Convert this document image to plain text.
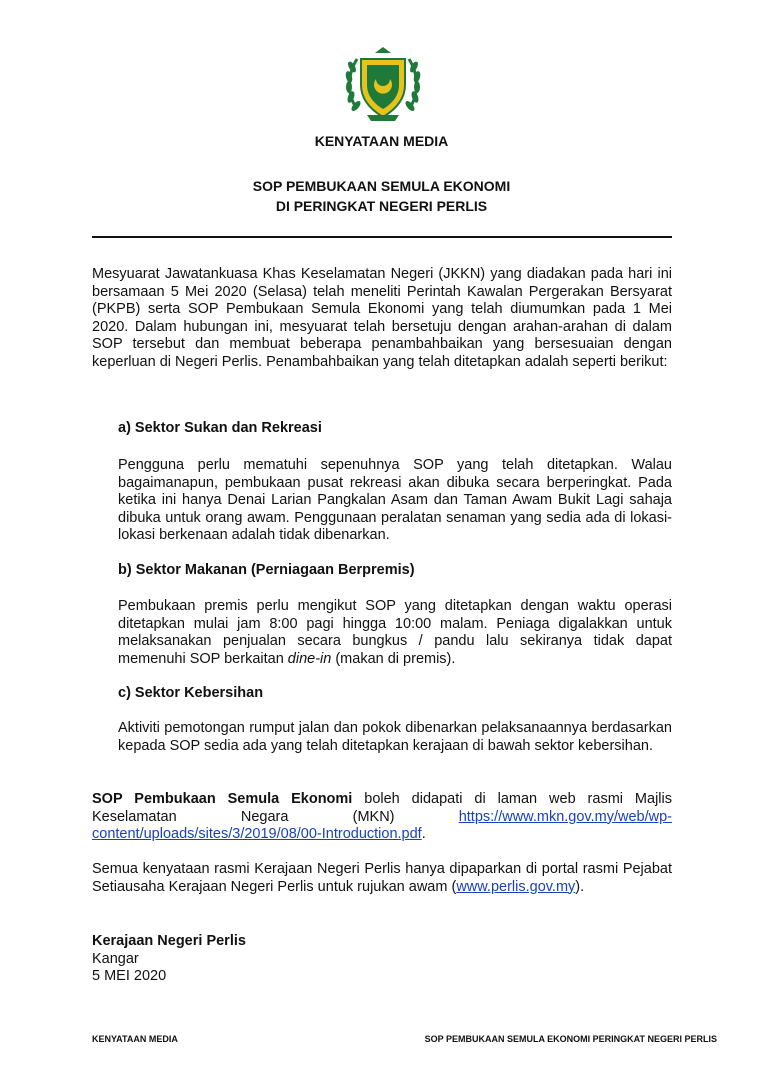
KENYATAAN MEDIA
SOP PEMBUKAAN SEMULA EKONOMI
DI PERINGKAT NEGERI PERLIS

Mesyuarat Jawatankuasa Khas Keselamatan Negeri (JKKN) yang diadakan pada hari ini bersamaan 5 Mei 2020 (Selasa) telah meneliti Perintah Kawalan Pergerakan Bersyarat (PKPB) serta SOP Pembukaan Semula Ekonomi yang telah diumumkan pada 1 Mei 2020. Dalam hubungan ini, mesyuarat telah bersetuju dengan arahan-arahan di dalam SOP tersebut dan membuat beberapa penambahbaikan yang bersesuaian dengan keperluan di Negeri Perlis. Penambahbaikan yang telah ditetapkan adalah seperti berikut:

a) Sektor Sukan dan Rekreasi

Pengguna perlu mematuhi sepenuhnya SOP yang telah ditetapkan. Walau bagaimanapun, pembukaan pusat rekreasi akan dibuka secara berperingkat. Pada ketika ini hanya Denai Larian Pangkalan Asam dan Taman Awam Bukit Lagi sahaja dibuka untuk orang awam. Penggunaan peralatan senaman yang sedia ada di lokasi-lokasi berkenaan adalah tidak dibenarkan.

b) Sektor Makanan (Perniagaan Berpremis)

Pembukaan premis perlu mengikut SOP yang ditetapkan dengan waktu operasi ditetapkan mulai jam 8:00 pagi hingga 10:00 malam. Peniaga digalakkan untuk melaksanakan penjualan secara bungkus / pandu lalu sekiranya tidak dapat memenuhi SOP berkaitan dine-in (makan di premis).

c) Sektor Kebersihan

Aktiviti pemotongan rumput jalan dan pokok dibenarkan pelaksanaannya berdasarkan kepada SOP sedia ada yang telah ditetapkan kerajaan di bawah sektor kebersihan.

SOP Pembukaan Semula Ekonomi boleh didapati di laman web rasmi Majlis Keselamatan Negara (MKN) https://www.mkn.gov.my/web/wp-content/uploads/sites/3/2019/08/00-Introduction.pdf.

Semua kenyataan rasmi Kerajaan Negeri Perlis hanya dipaparkan di portal rasmi Pejabat Setiausaha Kerajaan Negeri Perlis untuk rujukan awam (www.perlis.gov.my).

Kerajaan Negeri Perlis
Kangar
5 MEI 2020
KENYATAAN MEDIA	SOP PEMBUKAAN SEMULA EKONOMI PERINGKAT NEGERI PERLIS
